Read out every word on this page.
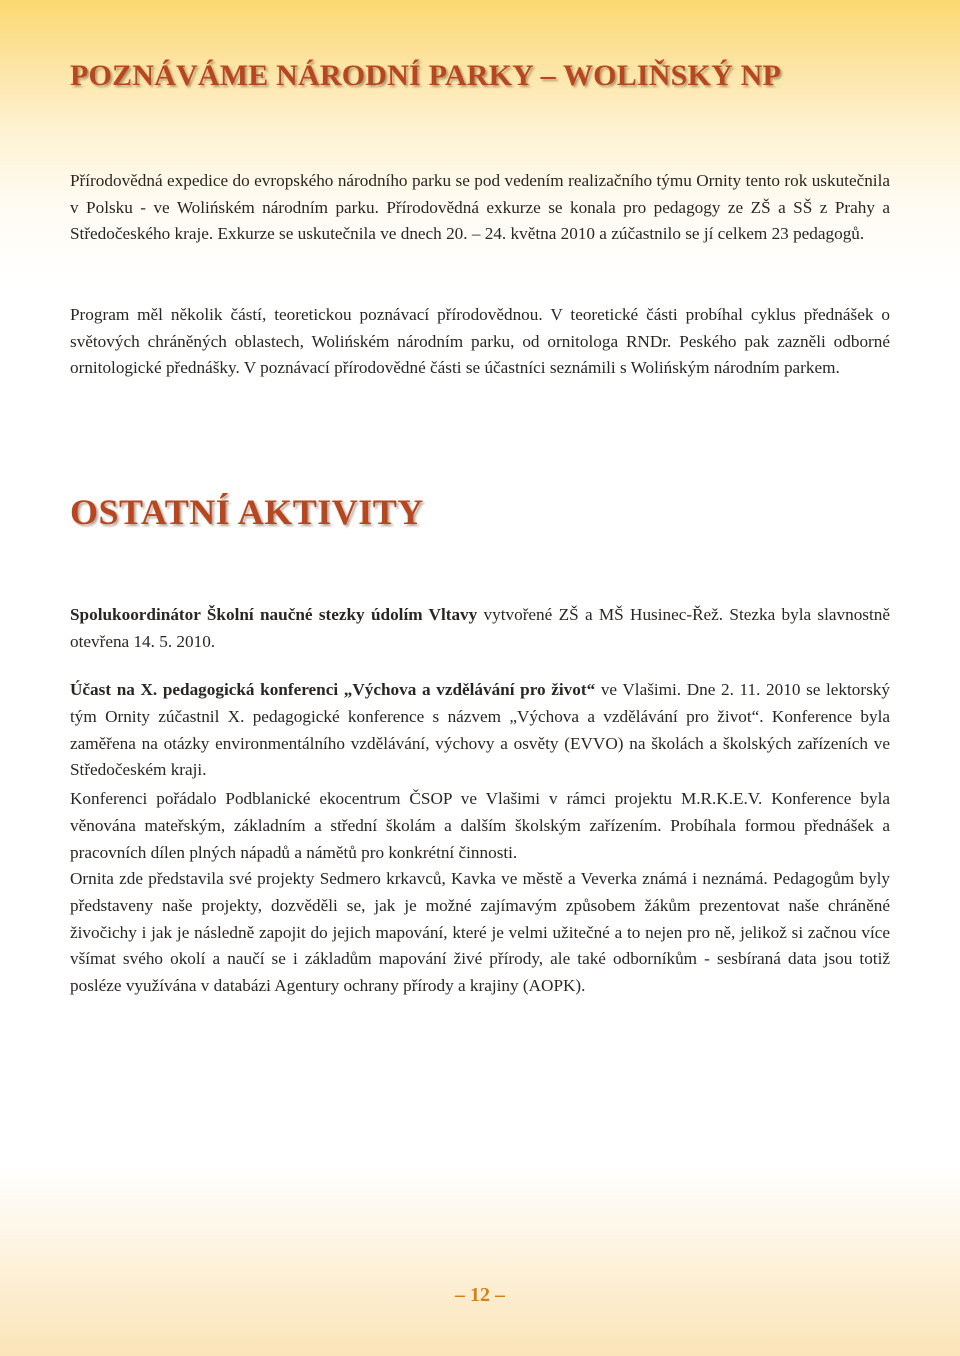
POZNÁVÁME NÁRODNÍ PARKY – WOLIŇSKÝ NP

Přírodovědná expedice do evropského národního parku se pod vedením realizačního týmu Ornity tento rok uskutečnila v Polsku - ve Wolińském národním parku. Přírodovědná exkurze se konala pro pedagogy ze ZŠ a SŠ z Prahy a Středočeského kraje. Exkurze se uskutečnila ve dnech 20. – 24. května 2010 a zúčastnilo se jí celkem 23 pedagogů.

Program měl několik částí, teoretickou poznávací přírodovědnou. V teoretické části probíhal cyklus přednášek o světových chráněných oblastech, Wolińském národním parku, od ornitologa RNDr. Peského pak zazněli odborné ornitologické přednášky. V poznávací přírodovědné části se účastníci seznámili s Wolińským národním parkem.

OSTATNÍ AKTIVITY

Spolukoordinátor Školní naučné stezky údolím Vltavy vytvořené ZŠ a MŠ Husinec-Řež. Stezka byla slavnostně otevřena 14. 5. 2010.

Účast na X. pedagogická konferenci „Výchova a vzdělávání pro život“ ve Vlašimi. Dne 2. 11. 2010 se lektorský tým Ornity zúčastnil X. pedagogické konference s názvem „Výchova a vzdělávání pro život“. Konference byla zaměřena na otázky environmentálního vzdělávání, výchovy a osvěty (EVVO) na školách a školských zařízeních ve Středočeském kraji.

Konferenci pořádalo Podblanické ekocentrum ČSOP ve Vlašimi v rámci projektu M.R.K.E.V. Konference byla věnována mateřským, základním a střední školám a dalším školským zařízením. Probíhala formou přednášek a pracovních dílen plných nápadů a námětů pro konkrétní činnosti.

Ornita zde představila své projekty Sedmero krkavců, Kavka ve městě a Veverka známá i neznámá. Pedagogům byly představeny naše projekty, dozvěděli se, jak je možné zajímavým způsobem žákům prezentovat naše chráněné živočichy i jak je následně zapojit do jejich mapování, které je velmi užitečné a to nejen pro ně, jelikož si začnou více všímat svého okolí a naučí se i základům mapování živé přírody, ale také odborníkům - sesbíraná data jsou totiž posléze využívána v databázi Agentury ochrany přírody a krajiny (AOPK).

– 12 –
